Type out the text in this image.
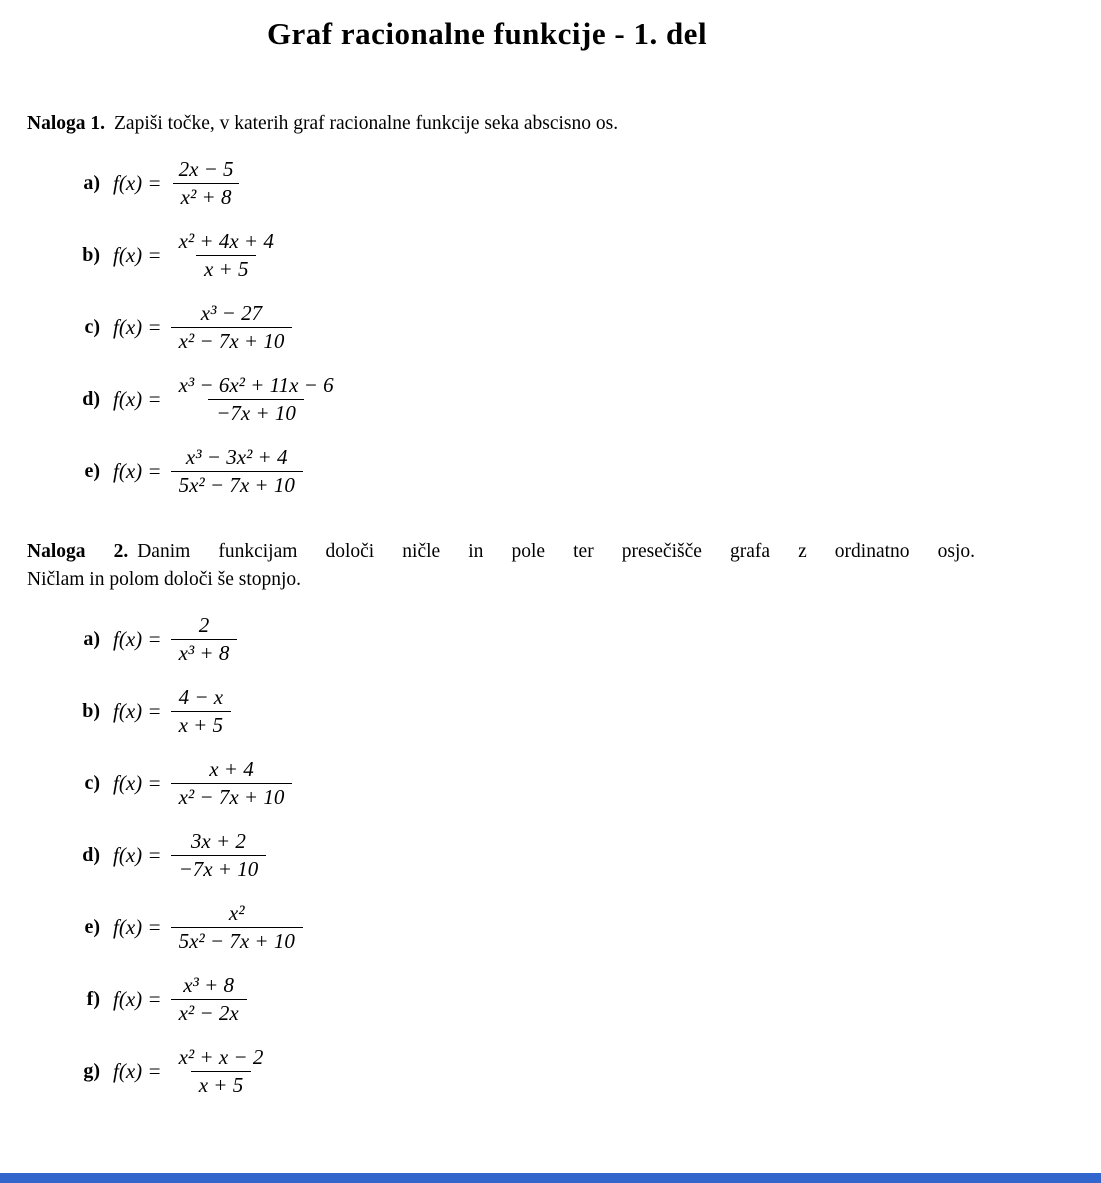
Graf racionalne funkcije - 1. del

Naloga 1. Zapiši točke, v katerih graf racionalne funkcije seka abscisno os.

a) $f(x) = \frac{2x - 5}{\text{x² + 8}}$
b) $f(x) = \frac{\text{x² + 4x + 4}}{x + 5}$
c) $f(x) = \frac{\text{x³ − 27}}{\text{x² − 7x + 10}}$
d) $f(x) = \frac{\text{x³ − 6x² + 11x − 6}}{-7x + 10}$
e) $f(x) = \frac{\text{x³ − 3x² + 4}}{\text{5x² − 7x + 10}}$

Naloga 2. Danim funkcijam določi ničle in pole ter presečišče grafa z ordinatno osjo.

Ničlam in polom določi še stopnjo.

a) $f(x) = \frac{2}{\text{x³ + 8}}$
b) $f(x) = \frac{4 - x}{x + 5}$
c) $f(x) = \frac{x + 4}{\text{x² − 7x + 10}}$
d) $f(x) = \frac{3x + 2}{-7x + 10}$
e) $f(x) = \frac{\text{x²}}{\text{5x² − 7x + 10}}$
f) $f(x) = \frac{\text{x³ + 8}}{\text{x² − 2x}}$
g) $f(x) = \frac{\text{x² + x − 2}}{x + 5}$
